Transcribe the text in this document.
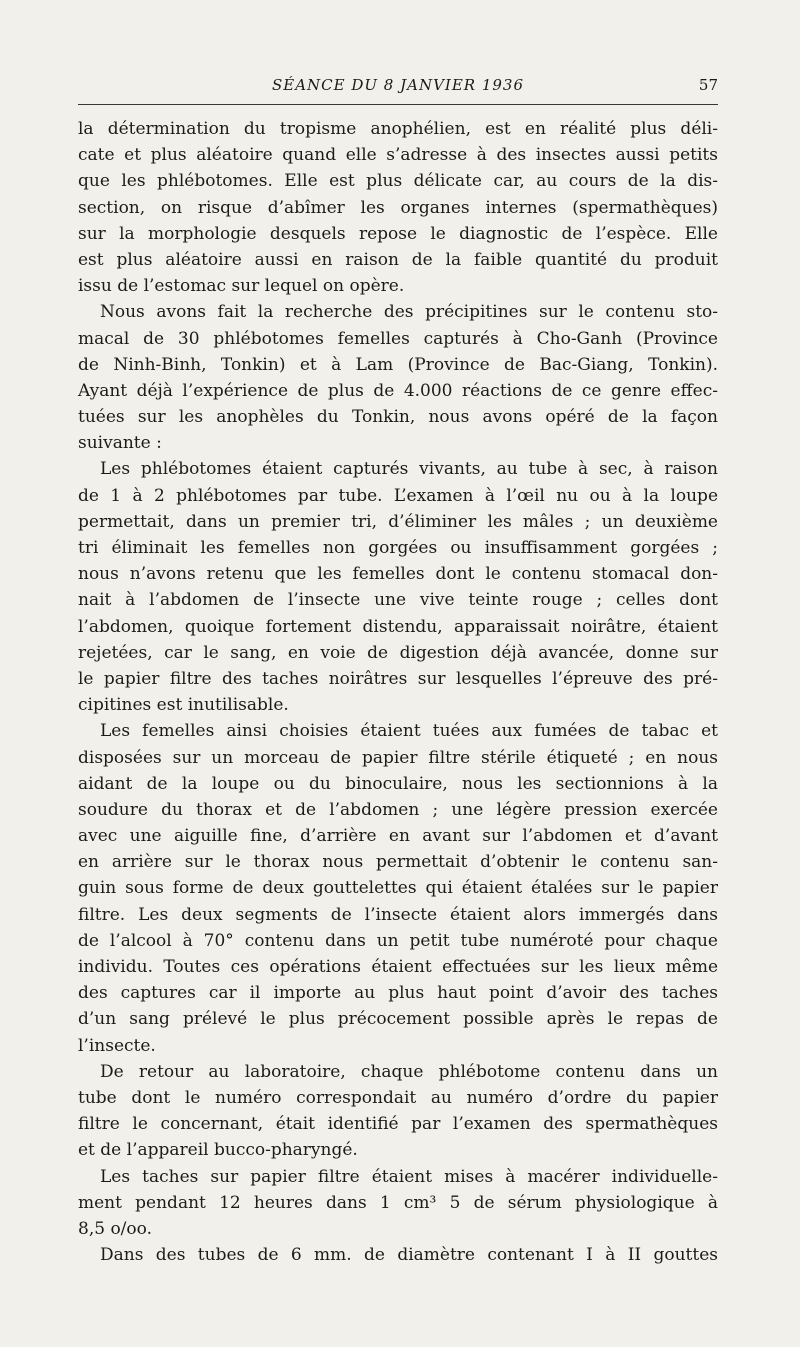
SÉANCE DU 8 JANVIER 1936	57
la détermination du tropisme anophélien, est en réalité plus déli-
cate et plus aléatoire quand elle s’adresse à des insectes aussi petits
que les phlébotomes. Elle est plus délicate car, au cours de la dis-
section, on risque d’abîmer les organes internes (spermathèques)
sur la morphologie desquels repose le diagnostic de l’espèce. Elle
est plus aléatoire aussi en raison de la faible quantité du produit
issu de l’estomac sur lequel on opère.
Nous avons fait la recherche des précipitines sur le contenu sto-
macal de 30 phlébotomes femelles capturés à Cho-Ganh (Province
de Ninh-Binh, Tonkin) et à Lam (Province de Bac-Giang, Tonkin).
Ayant déjà l’expérience de plus de 4.000 réactions de ce genre effec-
tuées sur les anophèles du Tonkin, nous avons opéré de la façon
suivante :
Les phlébotomes étaient capturés vivants, au tube à sec, à raison
de 1 à 2 phlébotomes par tube. L’examen à l’œil nu ou à la loupe
permettait, dans un premier tri, d’éliminer les mâles ; un deuxième
tri éliminait les femelles non gorgées ou insuffisamment gorgées ;
nous n’avons retenu que les femelles dont le contenu stomacal don-
nait à l’abdomen de l’insecte une vive teinte rouge ; celles dont
l’abdomen, quoique fortement distendu, apparaissait noirâtre, étaient
rejetées, car le sang, en voie de digestion déjà avancée, donne sur
le papier filtre des taches noirâtres sur lesquelles l’épreuve des pré-
cipitines est inutilisable.
Les femelles ainsi choisies étaient tuées aux fumées de tabac et
disposées sur un morceau de papier filtre stérile étiqueté ; en nous
aidant de la loupe ou du binoculaire, nous les sectionnions à la
soudure du thorax et de l’abdomen ; une légère pression exercée
avec une aiguille fine, d’arrière en avant sur l’abdomen et d’avant
en arrière sur le thorax nous permettait d’obtenir le contenu san-
guin sous forme de deux gouttelettes qui étaient étalées sur le papier
filtre. Les deux segments de l’insecte étaient alors immergés dans
de l’alcool à 70° contenu dans un petit tube numéroté pour chaque
individu. Toutes ces opérations étaient effectuées sur les lieux même
des captures car il importe au plus haut point d’avoir des taches
d’un sang prélevé le plus précocement possible après le repas de
l’insecte.
De retour au laboratoire, chaque phlébotome contenu dans un
tube dont le numéro correspondait au numéro d’ordre du papier
filtre le concernant, était identifié par l’examen des spermathèques
et de l’appareil bucco-pharyngé.
Les taches sur papier filtre étaient mises à macérer individuelle-
ment pendant 12 heures dans 1 cm³ 5 de sérum physiologique à
8,5 o/oo.
Dans des tubes de 6 mm. de diamètre contenant I à II gouttes
